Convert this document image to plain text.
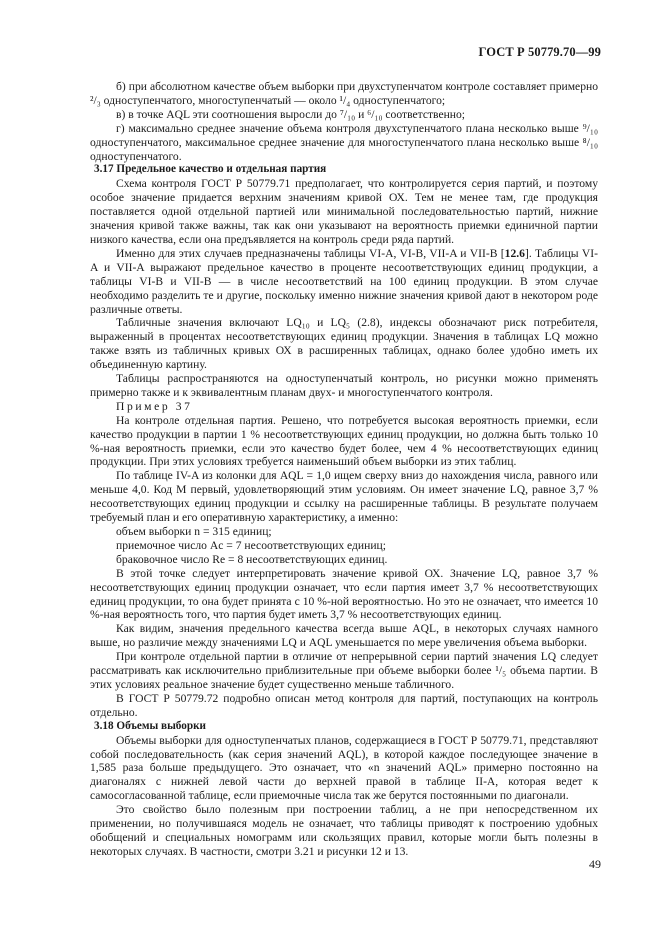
ГОСТ Р 50779.70—99

б) при абсолютном качестве объем выборки при двухступенчатом контроле составляет примерно ²/₃ одноступенчатого, многоступенчатый — около ¹/₄ одноступенчатого;

в) в точке AQL эти соотношения выросли до ⁷/₁₀ и ⁶/₁₀ соответственно;

г) максимально среднее значение объема контроля двухступенчатого плана несколько выше ⁹/₁₀ одноступенчатого, максимальное среднее значение для многоступенчатого плана несколько выше ⁸/₁₀ одноступенчатого.

3.17 Предельное качество и отдельная партия

Схема контроля ГОСТ Р 50779.71 предполагает, что контролируется серия партий, и поэтому особое значение придается верхним значениям кривой ОХ. Тем не менее там, где продукция поставляется одной отдельной партией или минимальной последовательностью партий, нижние значения кривой также важны, так как они указывают на вероятность приемки единичной партии низкого качества, если она предъявляется на контроль среди ряда партий.

Именно для этих случаев предназначены таблицы VI-A, VI-B, VII-A и VII-B [12.6]. Таблицы VI-A и VII-A выражают предельное качество в проценте несоответствующих единиц продукции, а таблицы VI-B и VII-B — в числе несоответствий на 100 единиц продукции. В этом случае необходимо разделить те и другие, поскольку именно нижние значения кривой дают в некотором роде различные ответы.

Табличные значения включают LQ₁₀ и LQ₅ (2.8), индексы обозначают риск потребителя, выраженный в процентах несоответствующих единиц продукции. Значения в таблицах LQ можно также взять из табличных кривых ОХ в расширенных таблицах, однако более удобно иметь их объединенную картину.

Таблицы распространяются на одноступенчатый контроль, но рисунки можно применять примерно также и к эквивалентным планам двух- и многоступенчатого контроля.

Пример 37

На контроле отдельная партия. Решено, что потребуется высокая вероятность приемки, если качество продукции в партии 1 % несоответствующих единиц продукции, но должна быть только 10 %-ная вероятность приемки, если это качество будет более, чем 4 % несоответствующих единиц продукции. При этих условиях требуется наименьший объем выборки из этих таблиц.

По таблице IV-A из колонки для AQL = 1,0 ищем сверху вниз до нахождения числа, равного или меньше 4,0. Код М первый, удовлетворяющий этим условиям. Он имеет значение LQ, равное 3,7 % несоответствующих единиц продукции и ссылку на расширенные таблицы. В результате получаем требуемый план и его оперативную характеристику, а именно:

объем выборки n = 315 единиц;
приемочное число Ac = 7 несоответствующих единиц;
браковочное число Re = 8 несоответствующих единиц.

В этой точке следует интерпретировать значение кривой ОХ. Значение LQ, равное 3,7 % несоответствующих единиц продукции означает, что если партия имеет 3,7 % несоответствующих единиц продукции, то она будет принята с 10 %-ной вероятностью. Но это не означает, что имеется 10 %-ная вероятность того, что партия будет иметь 3,7 % несоответствующих единиц.

Как видим, значения предельного качества всегда выше AQL, в некоторых случаях намного выше, но различие между значениями LQ и AQL уменьшается по мере увеличения объема выборки.

При контроле отдельной партии в отличие от непрерывной серии партий значения LQ следует рассматривать как исключительно приблизительные при объеме выборки более ¹/₅ объема партии. В этих условиях реальное значение будет существенно меньше табличного.

В ГОСТ Р 50779.72 подробно описан метод контроля для партий, поступающих на контроль отдельно.

3.18 Объемы выборки

Объемы выборки для одноступенчатых планов, содержащиеся в ГОСТ Р 50779.71, представляют собой последовательность (как серия значений AQL), в которой каждое последующее значение в 1,585 раза больше предыдущего. Это означает, что «n значений AQL» примерно постоянно на диагоналях с нижней левой части до верхней правой в таблице II-A, которая ведет к самосогласованной таблице, если приемочные числа так же берутся постоянными по диагонали.

Это свойство было полезным при построении таблиц, а не при непосредственном их применении, но получившаяся модель не означает, что таблицы приводят к построению удобных обобщений и специальных номограмм или скользящих правил, которые могли быть полезны в некоторых случаях. В частности, смотри 3.21 и рисунки 12 и 13.

49
